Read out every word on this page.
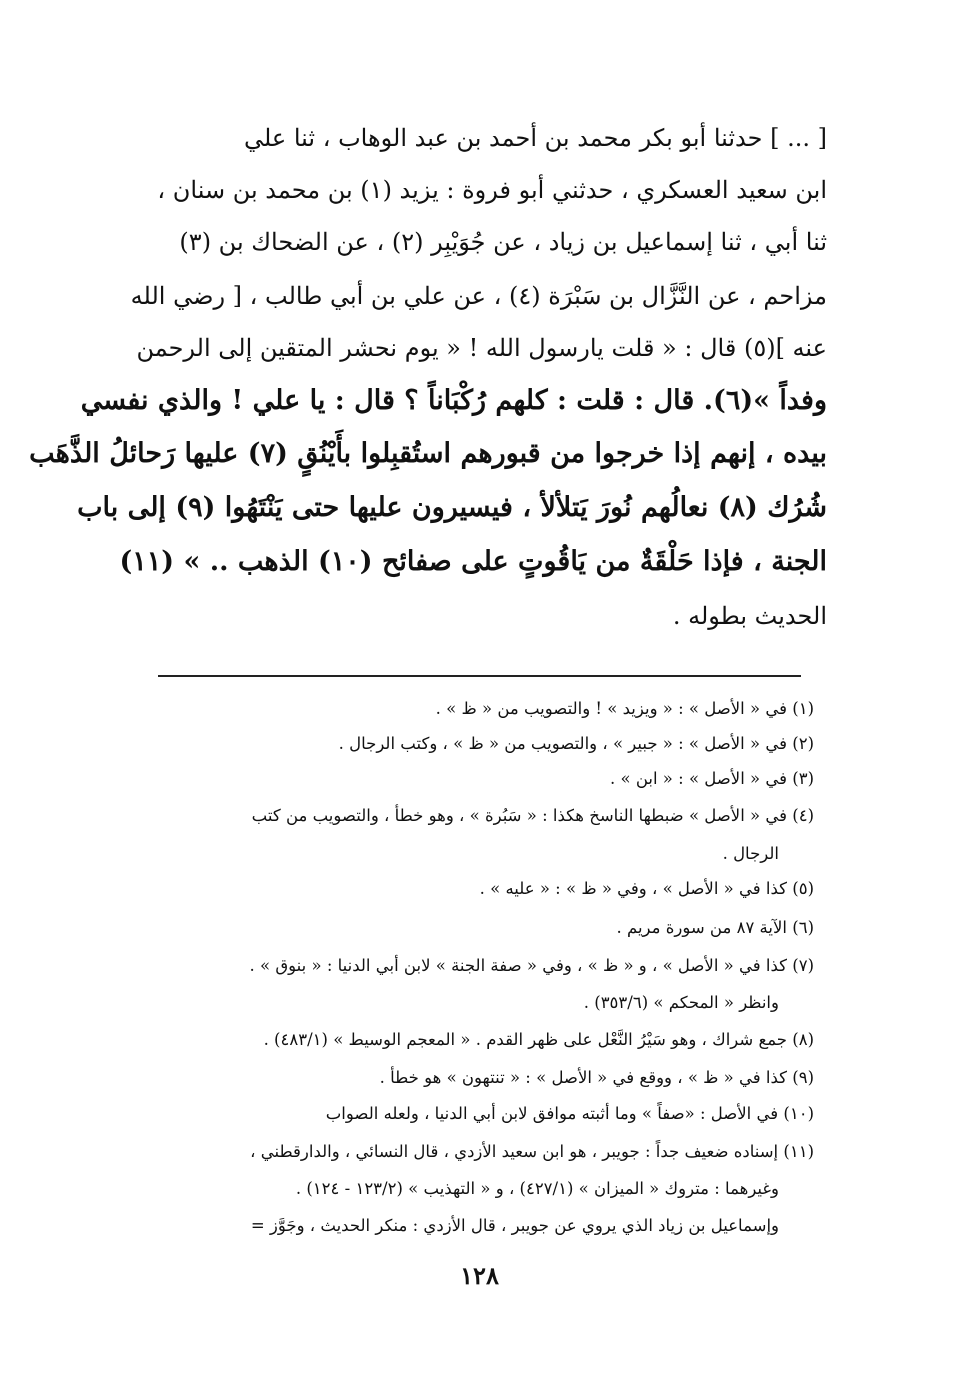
[ ... ] حدثنا أبو بكر محمد بن أحمد بن عبد الوهاب ، ثنا علي
ابن سعيد العسكري ، حدثني أبو فروة : يزيد (١) بن محمد بن سنان ،
ثنا أبي ، ثنا إسماعيل بن زياد ، عن جُوَيْبِر (٢) ، عن الضحاك بن (٣)
مزاحم ، عن النَّزَّال بن سَبْرَة (٤) ، عن علي بن أبي طالب ، [ رضي الله
عنه ](٥) قال : « قلت يارسول الله ! « يوم نحشر المتقين إلى الرحمن
وفداً »(٦). قال : قلت : كلهم رُكْبَاناً ؟ قال : يا علي ! والذي نفسي
بيده ، إنهم إذا خرجوا من قبورهم استُقبِلوا بأَيْنُقٍ (٧) عليها رَحائلُ الذَّهَب
شُرُك (٨) نعالُهم نُورَ يَتلألأ ، فيسيرون عليها حتى يَنْتَهُوا (٩) إلى باب
الجنة ، فإذا حَلْقَةٌ من يَاقُوتٍ على صفائح (١٠) الذهب .. » (١١)
الحديث بطوله .
(١) في « الأصل » : « ويزيد » ! والتصويب من « ظ » .
(٢) في « الأصل » : « جبير » ، والتصويب من « ظ » ، وكتب الرجال .
(٣) في « الأصل » : « ابن » .
(٤) في « الأصل » ضبطها الناسخ هكذا : « سَبُرة » ، وهو خطأ ، والتصويب من كتب
الرجال .
(٥) كذا في « الأصل » ، وفي « ظ » : « عليه » .
(٦) الآية ٨٧ من سورة مريم .
(٧) كذا في « الأصل » ، و « ظ » ، وفي « صفة الجنة » لابن أبي الدنيا : « بنوق » .
وانظر « المحكم » (٣٥٣/٦) .
(٨) جمع شراك ، وهو سَيْرُ النَّعْل على ظهر القدم . « المعجم الوسيط » (٤٨٣/١) .
(٩) كذا في « ظ » ، ووقع في « الأصل » : « تنتهون » هو خطأ .
(١٠) في الأصل : «صفاً » وما أثبته موافق لابن أبي الدنيا ، ولعله الصواب
(١١) إسناده ضعيف جداً : جويبر ، هو ابن سعيد الأزدي ، قال النسائي ، والدارقطني ،
وغيرهما : متروك « الميزان » (٤٢٧/١) ، و « التهذيب » (١٢٣/٢ - ١٢٤) .
وإسماعيل بن زياد الذي يروي عن جويبر ، قال الأزدي : منكر الحديث ، وجَوَّز =
١٢٨
